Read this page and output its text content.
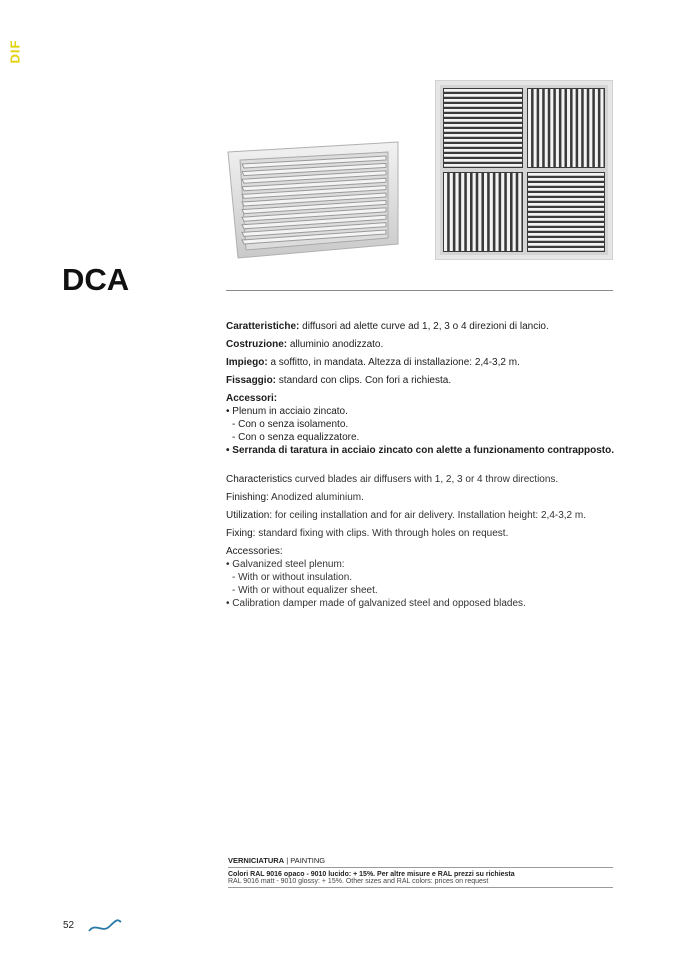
DIF
DCA

Caratteristiche: diffusori ad alette curve ad 1, 2, 3 o 4 direzioni di lancio.

Costruzione: alluminio anodizzato.

Impiego: a soffitto, in mandata. Altezza di installazione: 2,4-3,2 m.

Fissaggio: standard con clips. Con fori a richiesta.

Accessori:

• Plenum in acciaio zincato.

- Con o senza isolamento.

- Con o senza equalizzatore.

• Serranda di taratura in acciaio zincato con alette a funzionamento contrapposto.

Characteristics curved blades air diffusers with 1, 2, 3 or 4 throw directions.

Finishing: Anodized aluminium.

Utilization: for ceiling installation and for air delivery. Installation height: 2,4-3,2 m.

Fixing: standard fixing with clips. With through holes on request.

Accessories:

• Galvanized steel plenum:

- With or without insulation.

- With or without equalizer sheet.

• Calibration damper made of galvanized steel and opposed blades.

VERNICIATURA | PAINTING
Colori RAL 9016 opaco - 9010 lucido: + 15%. Per altre misure e RAL prezzi su richiesta
RAL 9016 matt - 9010 glossy: + 15%. Other sizes and RAL colors: prices on request
52
